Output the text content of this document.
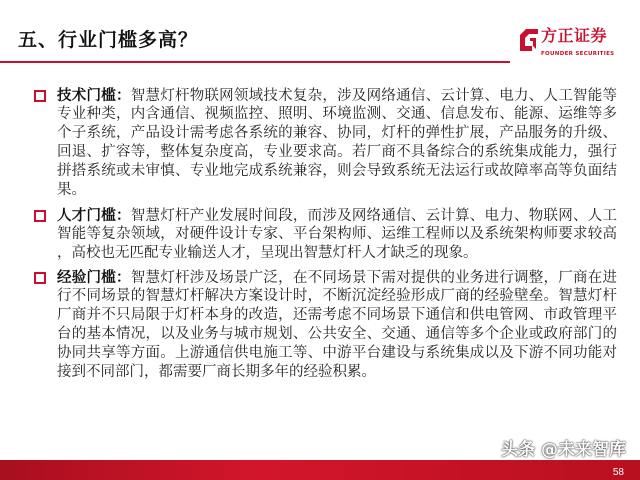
五、行业门槛多高？	方正证券
FOUNDER SECURITIES
技术门槛：智慧灯杆物联网领域技术复杂，涉及网络通信、云计算、电力、人工智能等
专业种类，内含通信、视频监控、照明、环境监测、交通、信息发布、能源、运维等多
个子系统，产品设计需考虑各系统的兼容、协同，灯杆的弹性扩展，产品服务的升级、
回退、扩容等，整体复杂度高，专业要求高。若厂商不具备综合的系统集成能力，强行
拼搭系统或未审慎、专业地完成系统兼容，则会导致系统无法运行或故障率高等负面结
果。
人才门槛：智慧灯杆产业发展时间段，而涉及网络通信、云计算、电力、物联网、人工
智能等复杂领域，对硬件设计专家、平台架构师、运维工程师以及系统架构师要求较高
，高校也无匹配专业输送人才，呈现出智慧灯杆人才缺乏的现象。
经验门槛：智慧灯杆涉及场景广泛，在不同场景下需对提供的业务进行调整，厂商在进
行不同场景的智慧灯杆解决方案设计时，不断沉淀经验形成厂商的经验壁垒。智慧灯杆
厂商并不只局限于灯杆本身的改造，还需考虑不同场景下通信和供电管网、市政管理平
台的基本情况，以及业务与城市规划、公共安全、交通、通信等多个企业或政府部门的
协同共享等方面。上游通信供电施工等、中游平台建设与系统集成以及下游不同功能对
接到不同部门，都需要厂商长期多年的经验积累。
头条 @未来智库
58
